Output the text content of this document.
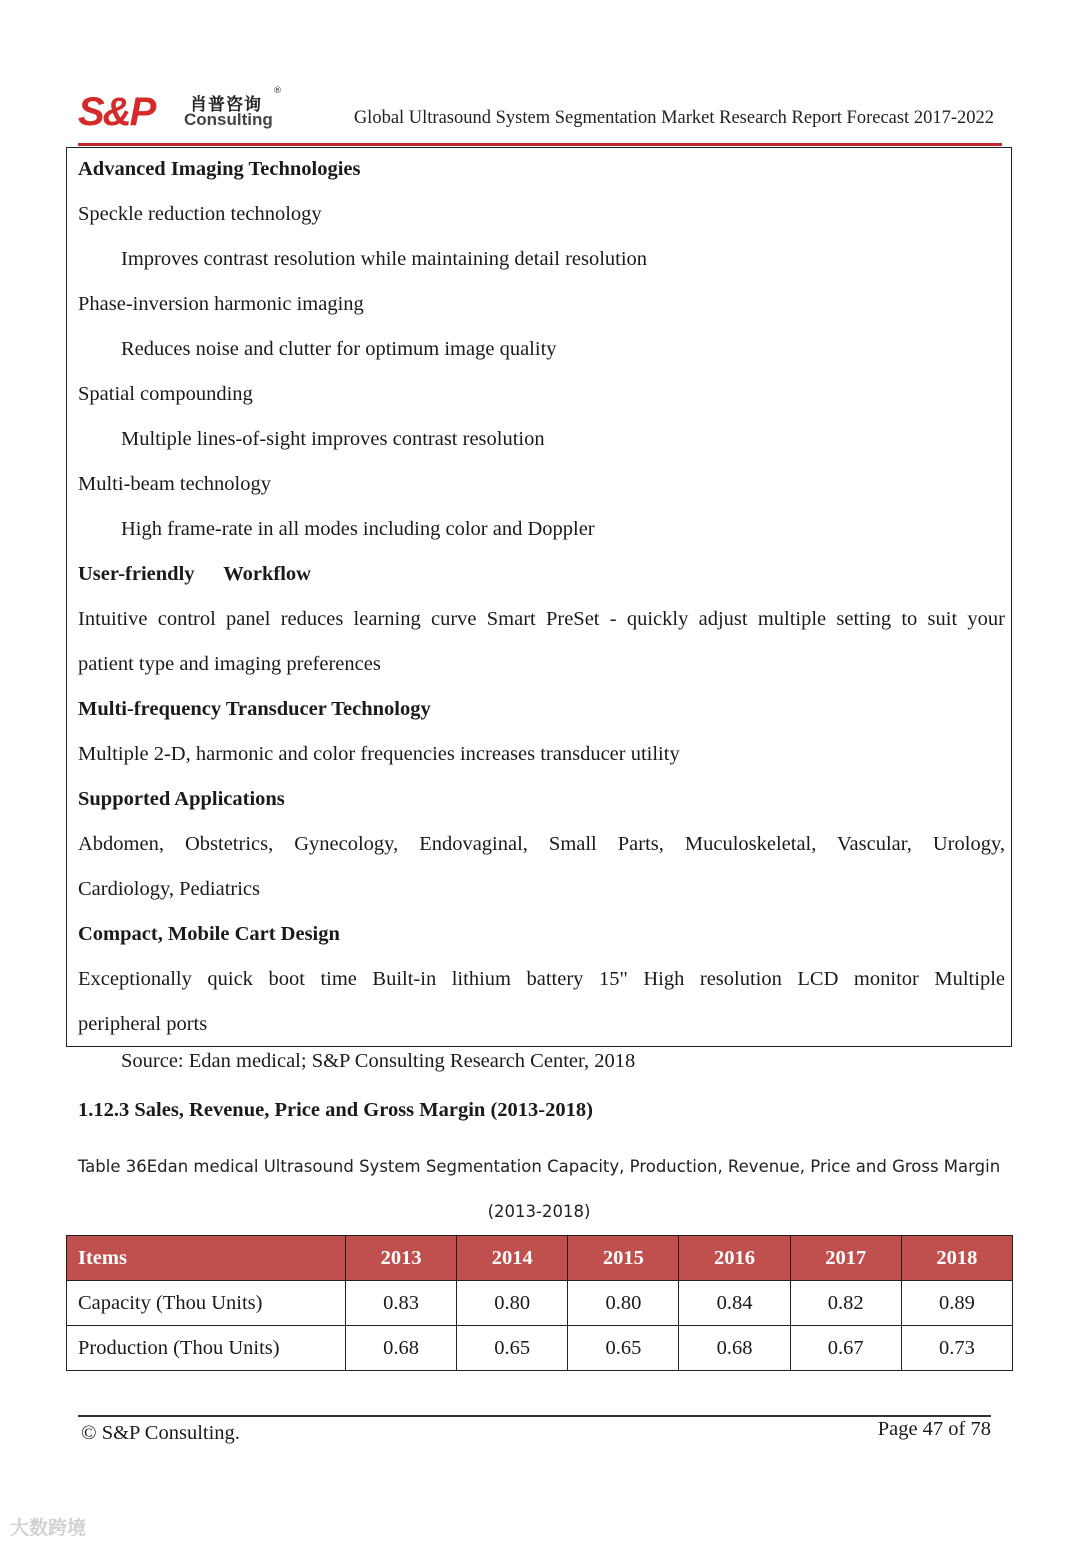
S&P 肖普咨询
®
Consulting	Global Ultrasound System Segmentation Market Research Report Forecast 2017-2022
Advanced Imaging Technologies
Speckle reduction technology
Improves contrast resolution while maintaining detail resolution
Phase-inversion harmonic imaging
Reduces noise and clutter for optimum image quality
Spatial compounding
Multiple lines-of-sight improves contrast resolution
Multi-beam technology
High frame-rate in all modes including color and Doppler
User-friendly Workflow
Intuitive control panel reduces learning curve Smart PreSet - quickly adjust multiple setting to suit your
patient type and imaging preferences
Multi-frequency Transducer Technology
Multiple 2-D, harmonic and color frequencies increases transducer utility
Supported Applications
Abdomen, Obstetrics, Gynecology, Endovaginal, Small Parts, Muculoskeletal, Vascular, Urology,
Cardiology, Pediatrics
Compact, Mobile Cart Design
Exceptionally quick boot time Built-in lithium battery 15" High resolution LCD monitor Multiple
peripheral ports
Source: Edan medical; S&P Consulting Research Center, 2018
1.12.3 Sales, Revenue, Price and Gross Margin (2013-2018)
Table 36Edan medical Ultrasound System Segmentation Capacity, Production, Revenue, Price and Gross Margin
(2013-2018)
Items	2013	2014	2015	2016	2017	2018
Capacity (Thou Units)	0.83	0.80	0.80	0.84	0.82	0.89
Production (Thou Units)	0.68	0.65	0.65	0.68	0.67	0.73
© S&P Consulting.	Page 47 of 78
大数跨境
